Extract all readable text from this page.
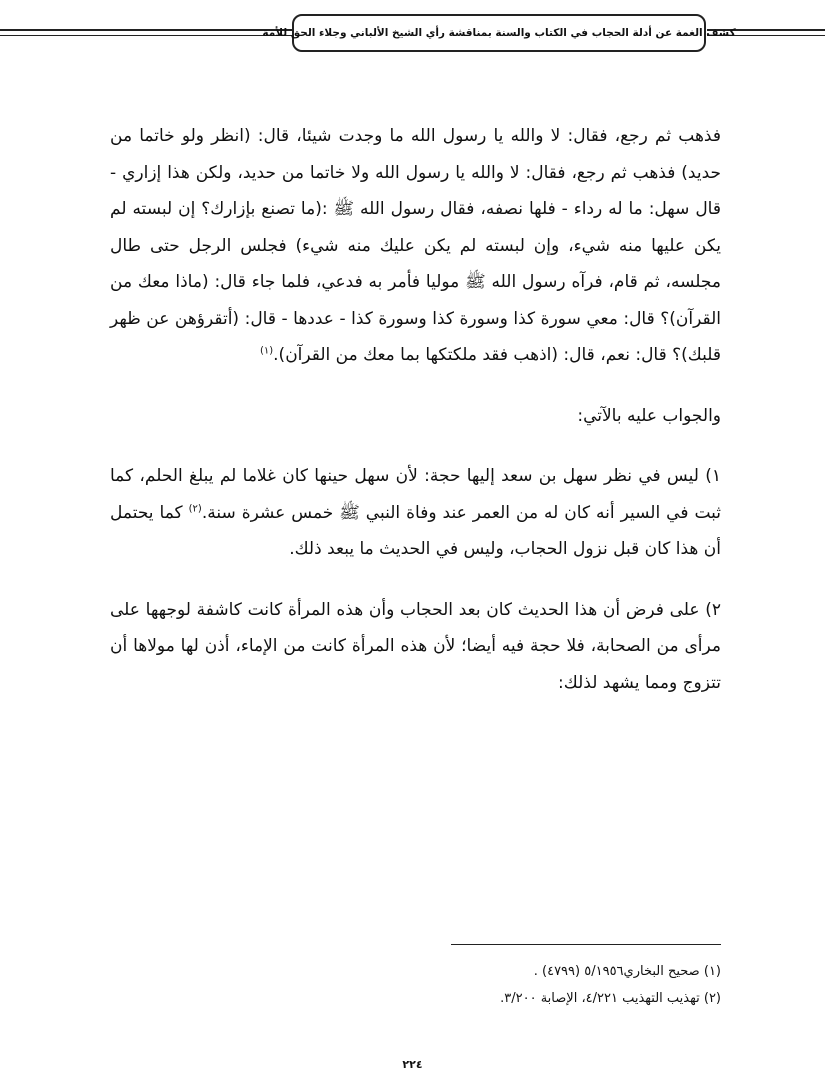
كشف الغمة عن أدلة الحجاب في الكتاب والسنة بمناقشة رأي الشيخ الألباني وجلاء الحق للأمة

فذهب ثم رجع، فقال: لا والله يا رسول الله ما وجدت شيئا، قال: (انظر ولو خاتما من حديد) فذهب ثم رجع، فقال: لا والله يا رسول الله ولا خاتما من حديد، ولكن هذا إزاري - قال سهل: ما له رداء - فلها نصفه، فقال رسول الله ﷺ :(ما تصنع بإزارك؟ إن لبسته لم يكن عليها منه شيء، وإن لبسته لم يكن عليك منه شيء) فجلس الرجل حتى طال مجلسه، ثم قام، فرآه رسول الله ﷺ موليا فأمر به فدعي، فلما جاء قال: (ماذا معك من القرآن)؟ قال: معي سورة كذا وسورة كذا وسورة كذا - عددها - قال: (أتقرؤهن عن ظهر قلبك)؟ قال: نعم، قال: (اذهب فقد ملكتكها بما معك من القرآن).$^{(١)}$

والجواب عليه بالآتي:

١) ليس في نظر سهل بن سعد إليها حجة: لأن سهل حينها كان غلاما لم يبلغ الحلم، كما ثبت في السير أنه كان له من العمر عند وفاة النبي ﷺ خمس عشرة سنة.$^{(٢)}$ كما يحتمل أن هذا كان قبل نزول الحجاب، وليس في الحديث ما يبعد ذلك.

٢) على فرض أن هذا الحديث كان بعد الحجاب وأن هذه المرأة كانت كاشفة لوجهها على مرأى من الصحابة، فلا حجة فيه أيضا؛ لأن هذه المرأة كانت من الإماء، أذن لها مولاها أن تتزوج ومما يشهد لذلك:

(١) صحيح البخاري٥/١٩٥٦ (٤٧٩٩) .
(٢) تهذيب التهذيب ٤/٢٢١، الإصابة ٣/٢٠٠.
٢٢٤
